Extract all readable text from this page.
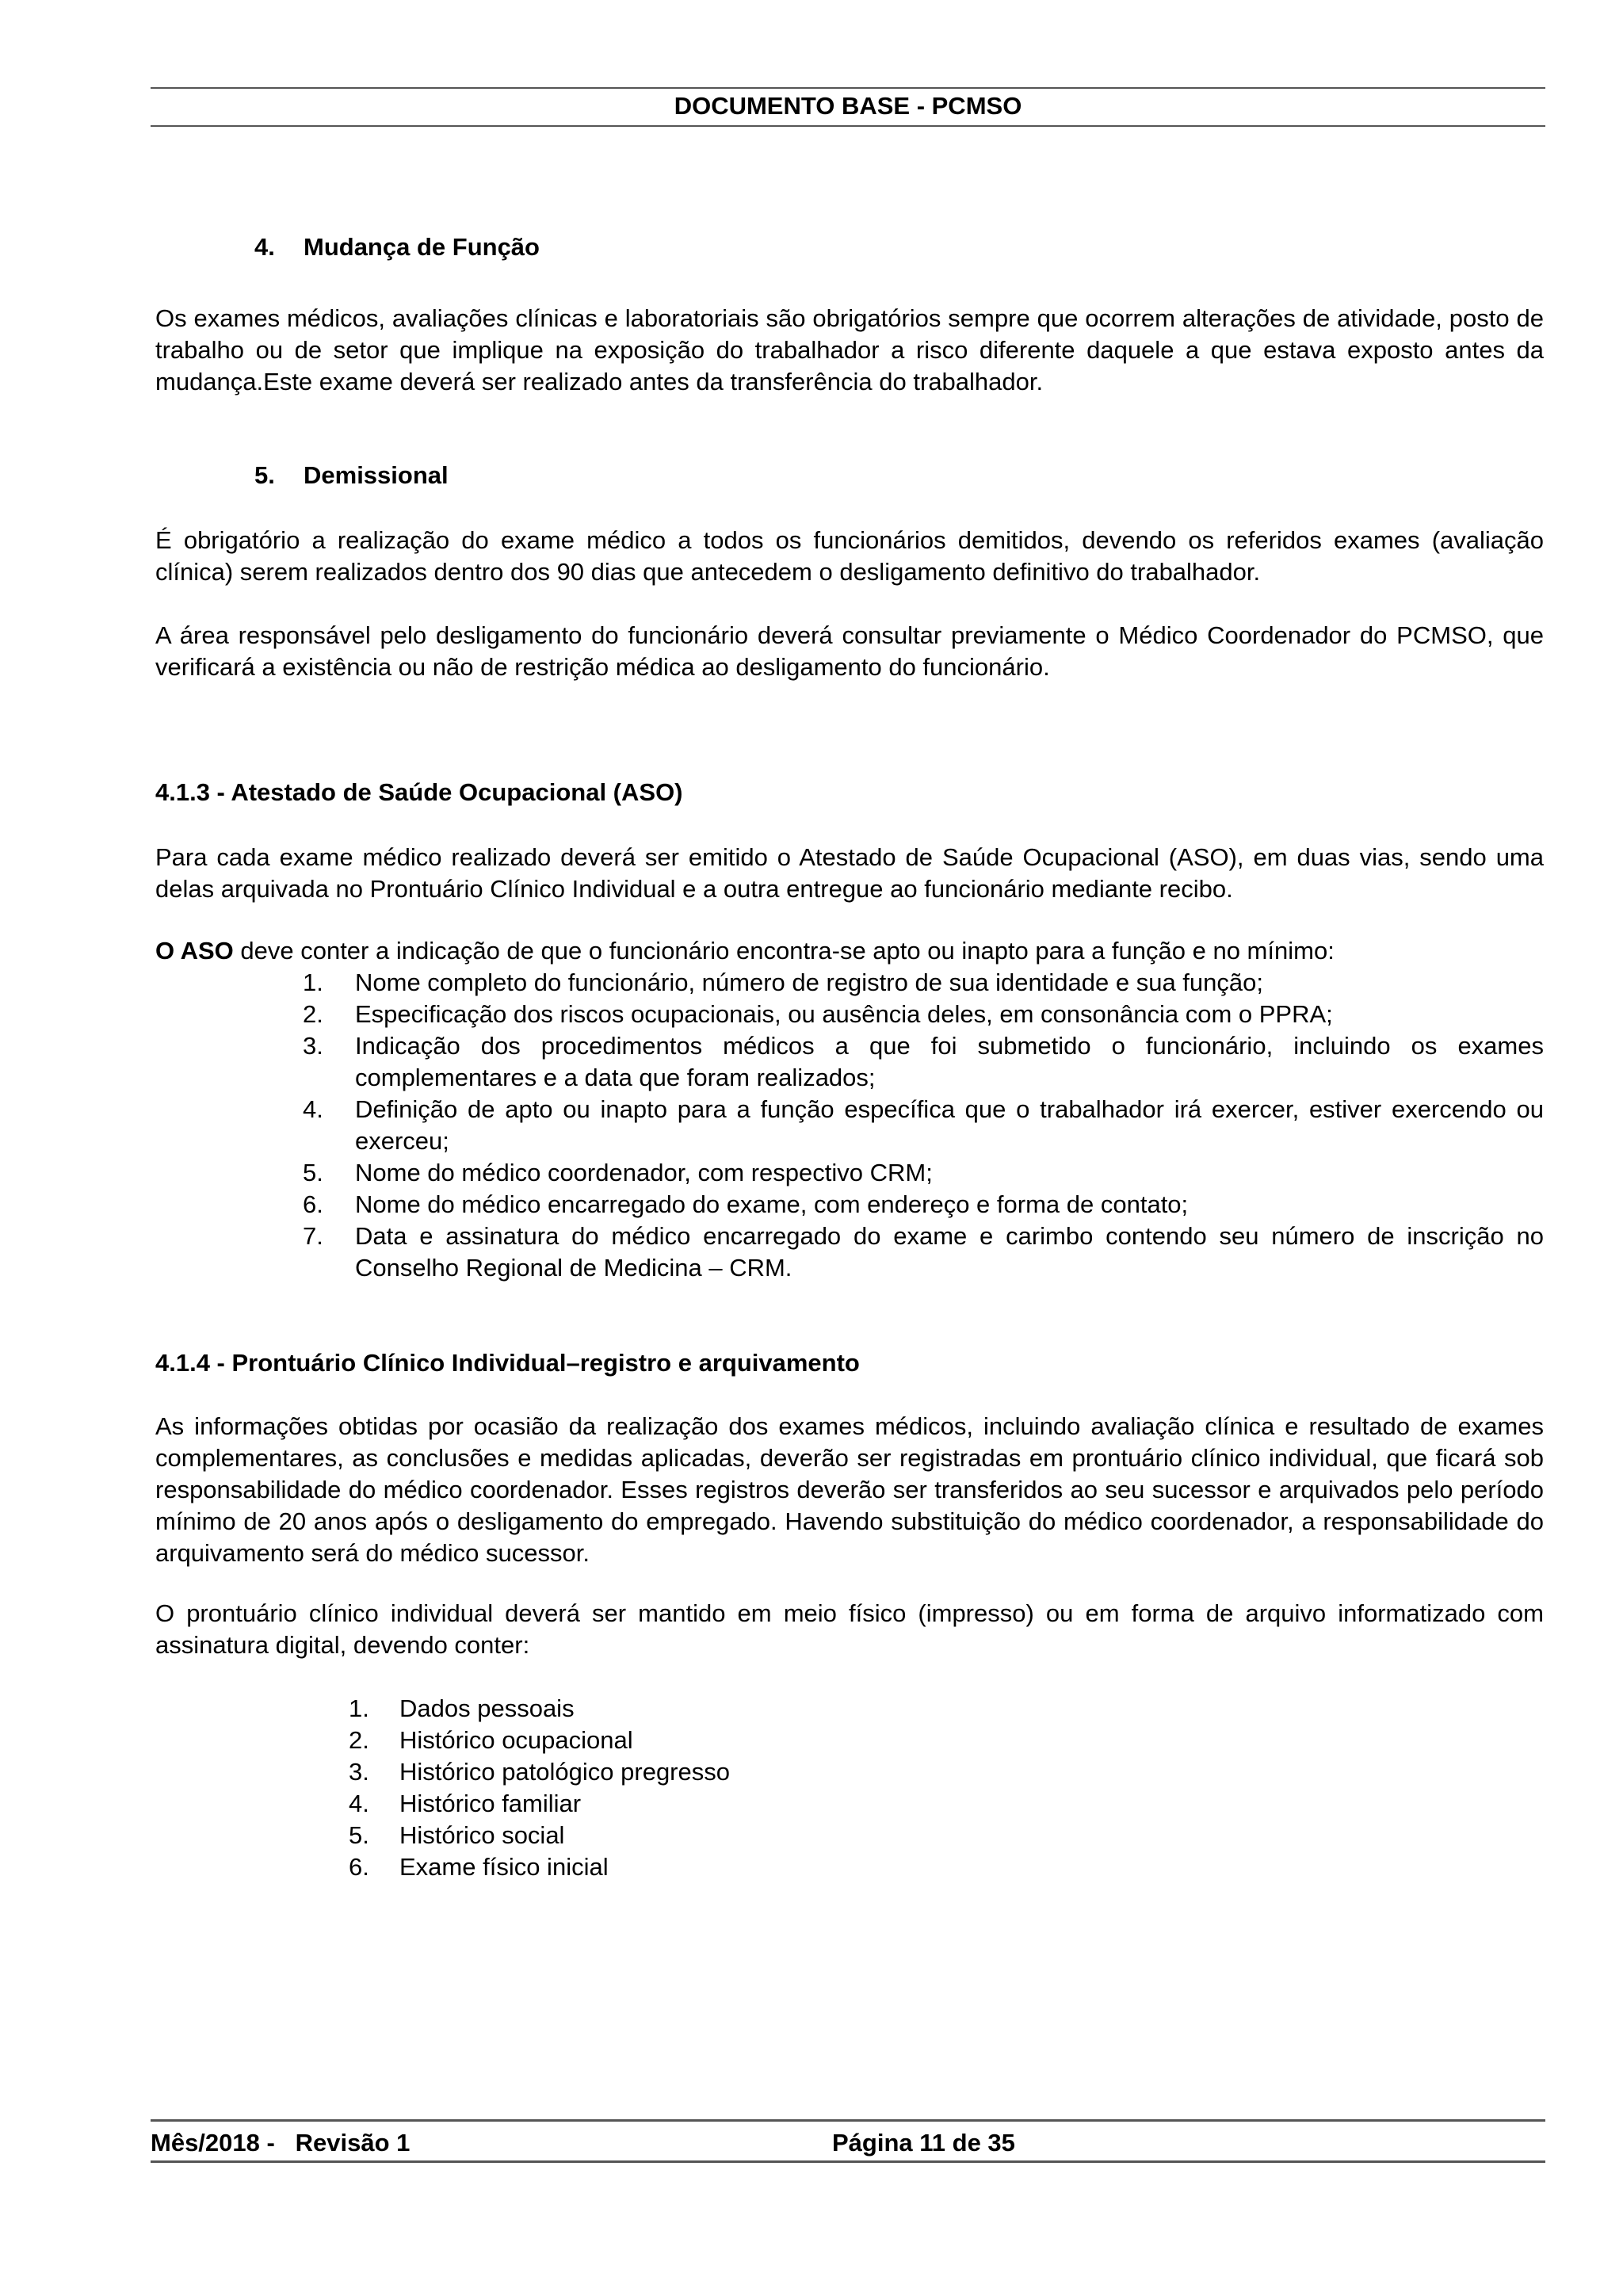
DOCUMENTO BASE - PCMSO
4. Mudança de Função
Os exames médicos, avaliações clínicas e laboratoriais são obrigatórios sempre que ocorrem alterações de atividade, posto de trabalho ou de setor que implique na exposição do trabalhador a risco diferente daquele a que estava exposto antes da mudança.Este exame deverá ser realizado antes da transferência do trabalhador.
5. Demissional
É obrigatório a realização do exame médico a todos os funcionários demitidos, devendo os referidos exames (avaliação clínica) serem realizados dentro dos 90 dias que antecedem o desligamento definitivo do trabalhador.
A área responsável pelo desligamento do funcionário deverá consultar previamente o Médico Coordenador do PCMSO, que verificará a existência ou não de restrição médica ao desligamento do funcionário.
4.1.3 - Atestado de Saúde Ocupacional (ASO)
Para cada exame médico realizado deverá ser emitido o Atestado de Saúde Ocupacional (ASO), em duas vias, sendo uma delas arquivada no Prontuário Clínico Individual e a outra entregue ao funcionário mediante recibo.
O ASO deve conter a indicação de que o funcionário encontra-se apto ou inapto para a função e no mínimo:
1. Nome completo do funcionário, número de registro de sua identidade e sua função;
2. Especificação dos riscos ocupacionais, ou ausência deles, em consonância com o PPRA;
3. Indicação dos procedimentos médicos a que foi submetido o funcionário, incluindo os exames complementares e a data que foram realizados;
4. Definição de apto ou inapto para a função específica que o trabalhador irá exercer, estiver exercendo ou exerceu;
5. Nome do médico coordenador, com respectivo CRM;
6. Nome do médico encarregado do exame, com endereço e forma de contato;
7. Data e assinatura do médico encarregado do exame e carimbo contendo seu número de inscrição no Conselho Regional de Medicina – CRM.
4.1.4 - Prontuário Clínico Individual–registro e arquivamento
As informações obtidas por ocasião da realização dos exames médicos, incluindo avaliação clínica e resultado de exames complementares, as conclusões e medidas aplicadas, deverão ser registradas em prontuário clínico individual, que ficará sob responsabilidade do médico coordenador. Esses registros deverão ser transferidos ao seu sucessor e arquivados pelo período mínimo de 20 anos após o desligamento do empregado. Havendo substituição do médico coordenador, a responsabilidade do arquivamento será do médico sucessor.
O prontuário clínico individual deverá ser mantido em meio físico (impresso) ou em forma de arquivo informatizado com assinatura digital, devendo conter:
1. Dados pessoais
2. Histórico ocupacional
3. Histórico patológico pregresso
4. Histórico familiar
5. Histórico social
6. Exame físico inicial
Mês/2018 -   Revisão 1	Página 11 de 35
